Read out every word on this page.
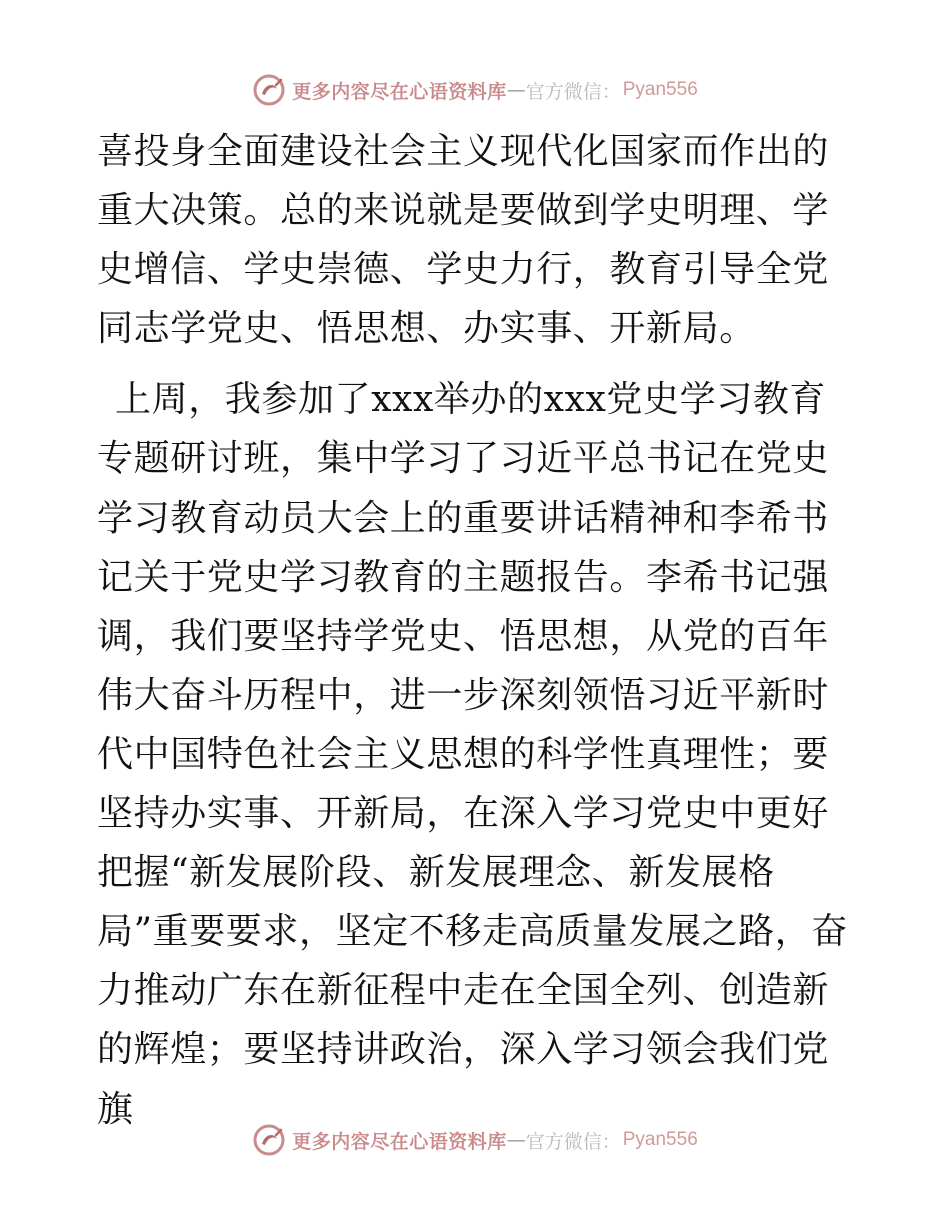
更多内容尽在心语资料库 — 官方微信： Pyan556

喜投身全面建设社会主义现代化国家而作出的重大决策。总的来说就是要做到学史明理、学史增信、学史崇德、学史力行，教育引导全党同志学党史、悟思想、办实事、开新局。

上周，我参加了xxx举办的xxx党史学习教育专题研讨班，集中学习了习近平总书记在党史学习教育动员大会上的重要讲话精神和李希书记关于党史学习教育的主题报告。李希书记强调，我们要坚持学党史、悟思想，从党的百年伟大奋斗历程中，进一步深刻领悟习近平新时代中国特色社会主义思想的科学性真理性；要坚持办实事、开新局，在深入学习党史中更好把握“新发展阶段、新发展理念、新发展格局”重要要求，坚定不移走高质量发展之路，奋力推动广东在新征程中走在全国全列、创造新的辉煌；要坚持讲政治，深入学习领会我们党旗

更多内容尽在心语资料库 — 官方微信： Pyan556
